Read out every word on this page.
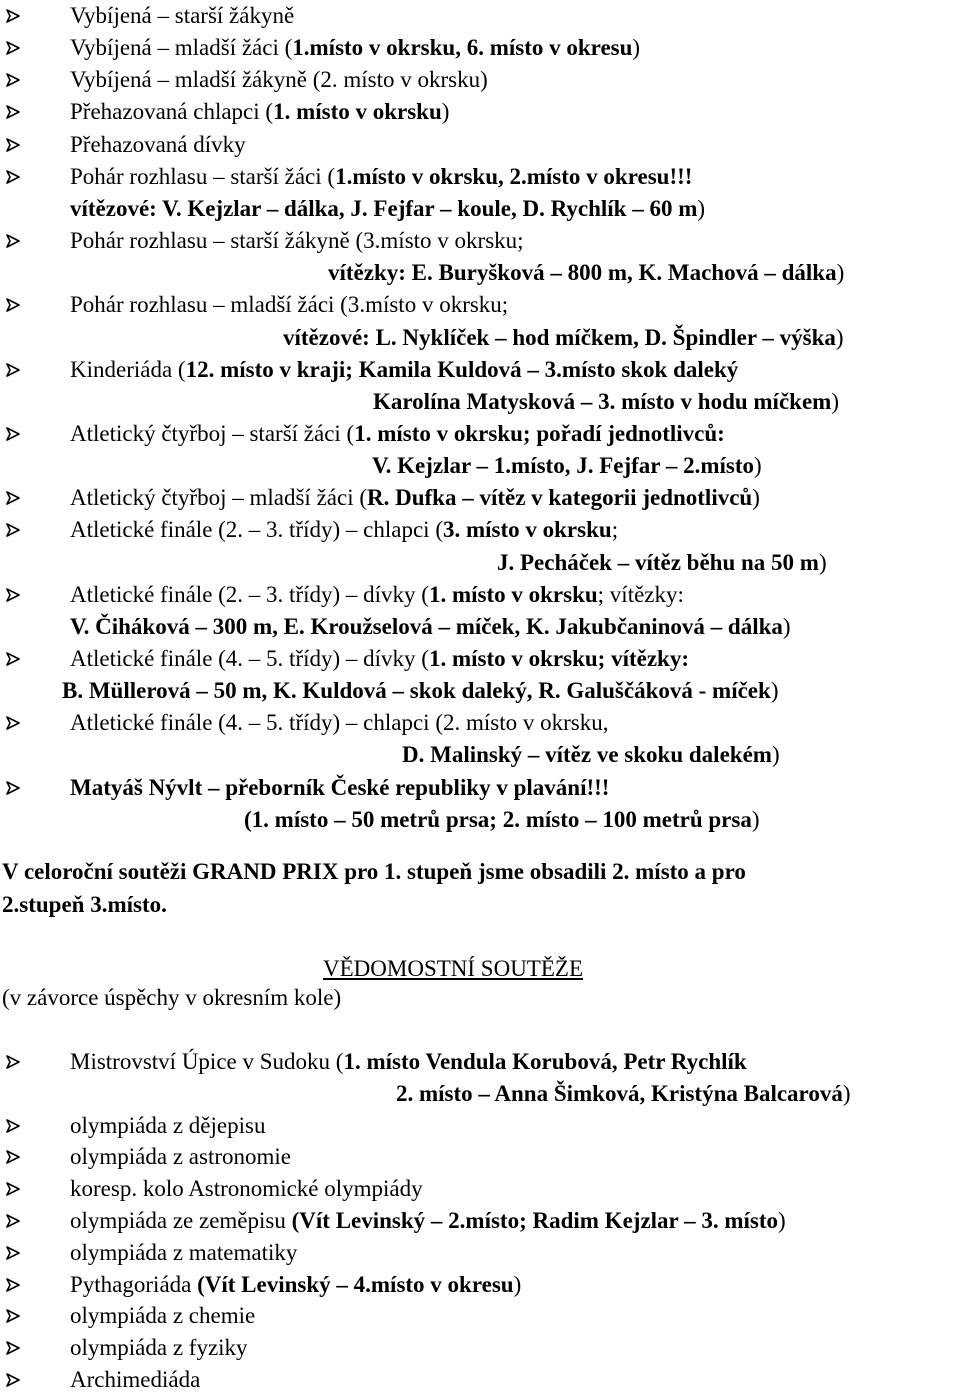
Vybíjená – starší žákyně
Vybíjená – mladší žáci (1.místo v okrsku, 6. místo v okresu)
Vybíjená – mladší žákyně (2. místo v okrsku)
Přehazovaná chlapci (1. místo v okrsku)
Přehazovaná dívky
Pohár rozhlasu – starší žáci (1.místo v okrsku, 2.místo v okresu!!!
vítězové: V. Kejzlar – dálka, J. Fejfar – koule, D. Rychlík – 60 m)
Pohár rozhlasu – starší žákyně (3.místo v okrsku;
vítězky: E. Buryšková – 800 m, K. Machová – dálka)
Pohár rozhlasu – mladší žáci (3.místo v okrsku;
vítězové: L. Nyklíček – hod míčkem, D. Špindler – výška)
Kinderiáda (12. místo v kraji; Kamila Kuldová – 3.místo skok daleký
Karolína Matysková – 3. místo v hodu míčkem)
Atletický čtyřboj – starší žáci (1. místo v okrsku; pořadí jednotlivců:
V. Kejzlar – 1.místo, J. Fejfar – 2.místo)
Atletický čtyřboj – mladší žáci (R. Dufka – vítěz v kategorii jednotlivců)
Atletické finále (2. – 3. třídy) – chlapci (3. místo v okrsku;
J. Pecháček – vítěz běhu na 50 m)
Atletické finále (2. – 3. třídy) – dívky (1. místo v okrsku; vítězky:
V. Čiháková – 300 m, E. Kroužselová – míček, K. Jakubčaninová – dálka)
Atletické finále (4. – 5. třídy) – dívky (1. místo v okrsku; vítězky:
B. Müllerová – 50 m, K. Kuldová – skok daleký, R. Galuščáková - míček)
Atletické finále (4. – 5. třídy) – chlapci (2. místo v okrsku,
D. Malinský – vítěz ve skoku dalekém)
Matyáš Nývlt – přeborník České republiky v plavání!!!
(1. místo – 50 metrů prsa; 2. místo – 100 metrů prsa)
V celoroční soutěži GRAND PRIX pro 1. stupeň jsme obsadili 2. místo a pro
2.stupeň 3.místo.
VĚDOMOSTNÍ SOUTĚŽE
(v závorce úspěchy v okresním kole)
Mistrovství Úpice v Sudoku (1. místo Vendula Korubová, Petr Rychlík
2. místo – Anna Šimková, Kristýna Balcarová)
olympiáda z dějepisu
olympiáda z astronomie
koresp. kolo Astronomické olympiády
olympiáda ze zeměpisu (Vít Levinský – 2.místo; Radim Kejzlar – 3. místo)
olympiáda z matematiky
Pythagoriáda (Vít Levinský – 4.místo v okresu)
olympiáda z chemie
olympiáda z fyziky
Archimediáda
